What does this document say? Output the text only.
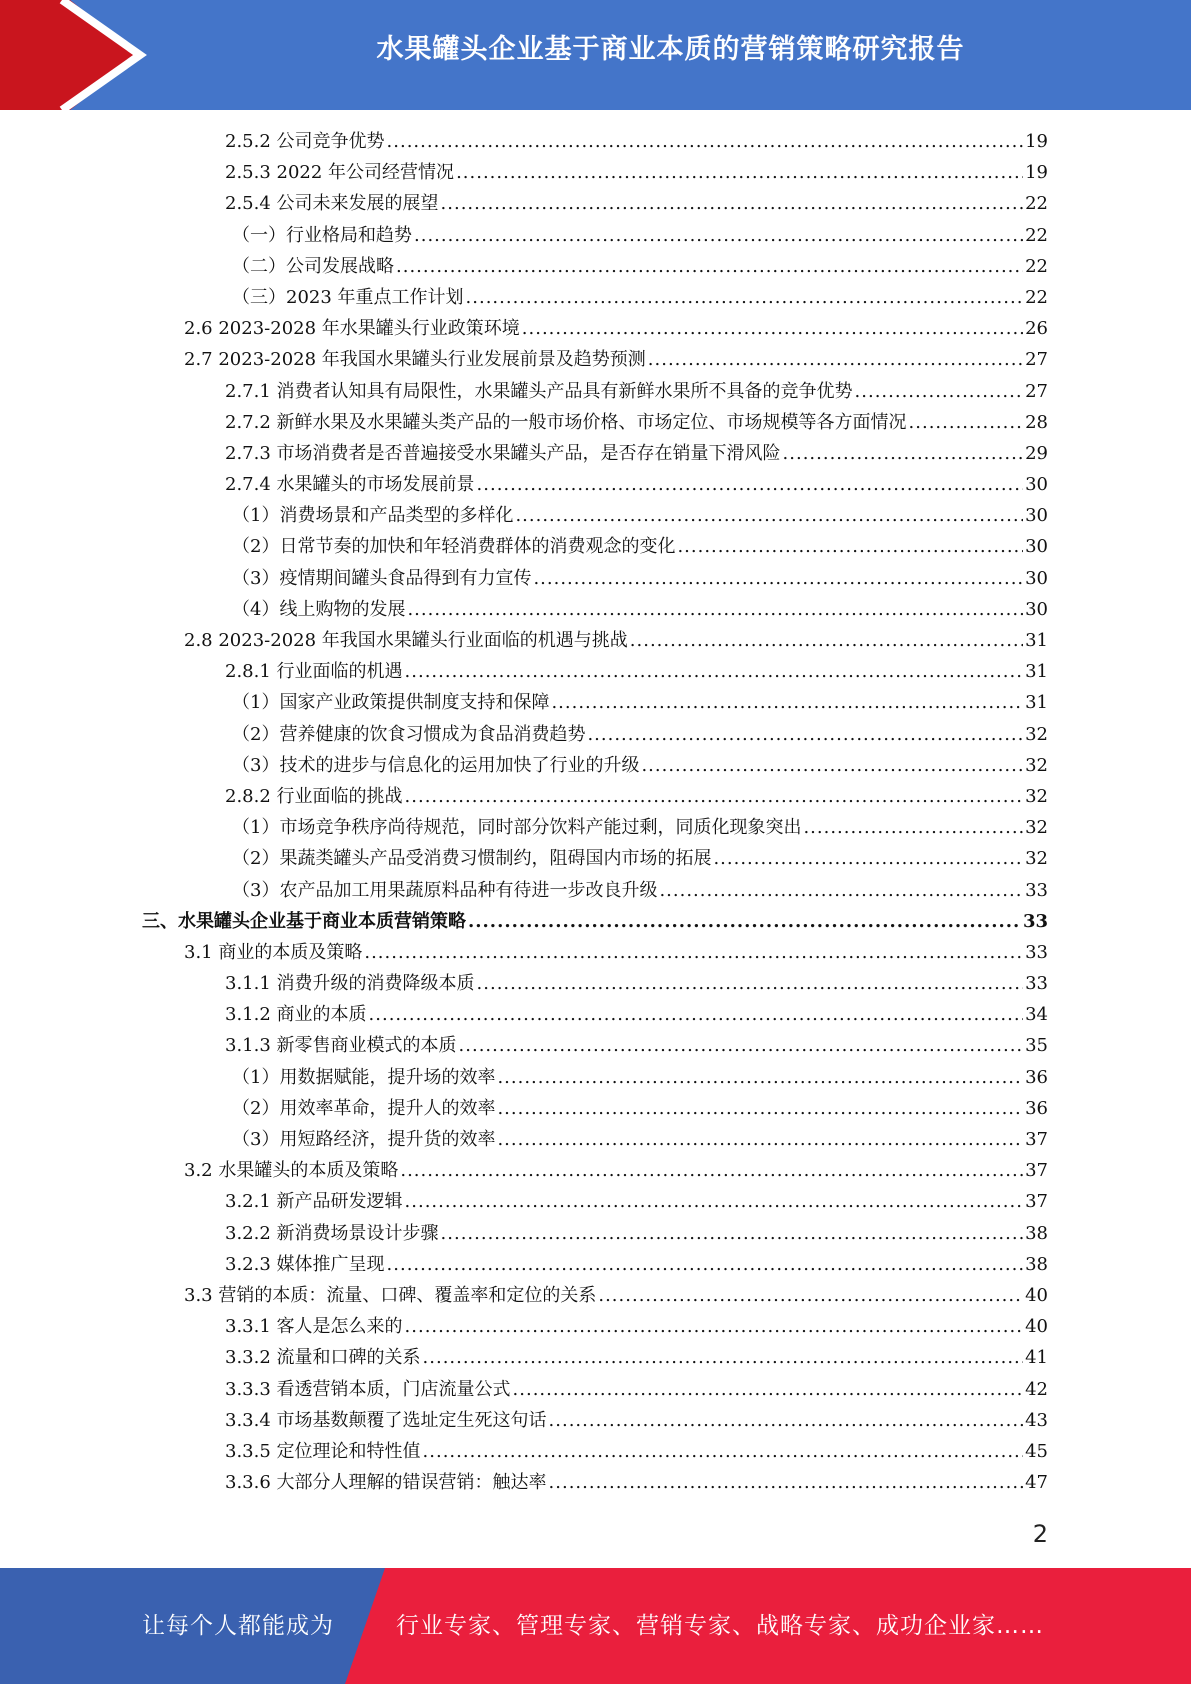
水果罐头企业基于商业本质的营销策略研究报告
2.5.2 公司竞争优势 .....	19
2.5.3 2022 年公司经营情况 .....	19
2.5.4 公司未来发展的展望 .....	22
（一）行业格局和趋势 .....	22
（二）公司发展战略 .....	22
（三）2023 年重点工作计划 .....	22
2.6 2023-2028 年水果罐头行业政策环境 .....	26
2.7 2023-2028 年我国水果罐头行业发展前景及趋势预测 .....	27
2.7.1 消费者认知具有局限性，水果罐头产品具有新鲜水果所不具备的竞争优势 .....	27
2.7.2 新鲜水果及水果罐头类产品的一般市场价格、市场定位、市场规模等各方面情况 .....	28
2.7.3 市场消费者是否普遍接受水果罐头产品，是否存在销量下滑风险 .....	29
2.7.4 水果罐头的市场发展前景 .....	30
（1）消费场景和产品类型的多样化 .....	30
（2）日常节奏的加快和年轻消费群体的消费观念的变化 .....	30
（3）疫情期间罐头食品得到有力宣传 .....	30
（4）线上购物的发展 .....	30
2.8 2023-2028 年我国水果罐头行业面临的机遇与挑战 .....	31
2.8.1 行业面临的机遇 .....	31
（1）国家产业政策提供制度支持和保障 .....	31
（2）营养健康的饮食习惯成为食品消费趋势 .....	32
（3）技术的进步与信息化的运用加快了行业的升级 .....	32
2.8.2 行业面临的挑战 .....	32
（1）市场竞争秩序尚待规范，同时部分饮料产能过剩，同质化现象突出 .....	32
（2）果蔬类罐头产品受消费习惯制约，阻碍国内市场的拓展 .....	32
（3）农产品加工用果蔬原料品种有待进一步改良升级 .....	33
三、水果罐头企业基于商业本质营销策略 .....	33
3.1 商业的本质及策略 .....	33
3.1.1 消费升级的消费降级本质 .....	33
3.1.2 商业的本质 .....	34
3.1.3 新零售商业模式的本质 .....	35
（1）用数据赋能，提升场的效率 .....	36
（2）用效率革命，提升人的效率 .....	36
（3）用短路经济，提升货的效率 .....	37
3.2 水果罐头的本质及策略 .....	37
3.2.1 新产品研发逻辑 .....	37
3.2.2 新消费场景设计步骤 .....	38
3.2.3 媒体推广呈现 .....	38
3.3 营销的本质：流量、口碑、覆盖率和定位的关系 .....	40
3.3.1 客人是怎么来的 .....	40
3.3.2 流量和口碑的关系 .....	41
3.3.3 看透营销本质，门店流量公式 .....	42
3.3.4 市场基数颠覆了选址定生死这句话 .....	43
3.3.5 定位理论和特性值 .....	45
3.3.6 大部分人理解的错误营销：触达率 .....	47
2
让每个人都能成为	行业专家、管理专家、营销专家、战略专家、成功企业家……
